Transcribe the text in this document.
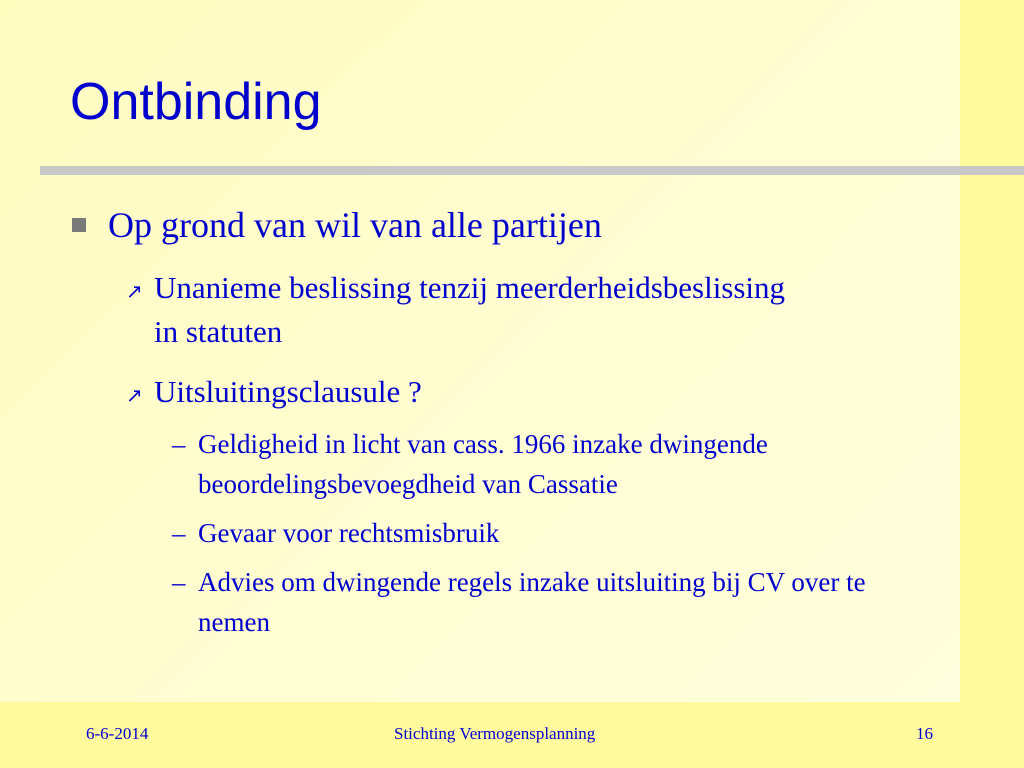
Ontbinding
Op grond van wil van alle partijen
↗ Unanieme beslissing tenzij meerderheidsbeslissing in statuten
↗ Uitsluitingsclausule ?
– Geldigheid in licht van cass. 1966 inzake dwingende beoordelingsbevoegdheid van Cassatie
– Gevaar voor rechtsmisbruik
– Advies om dwingende regels inzake uitsluiting bij CV over te nemen
6-6-2014	Stichting Vermogensplanning	16
